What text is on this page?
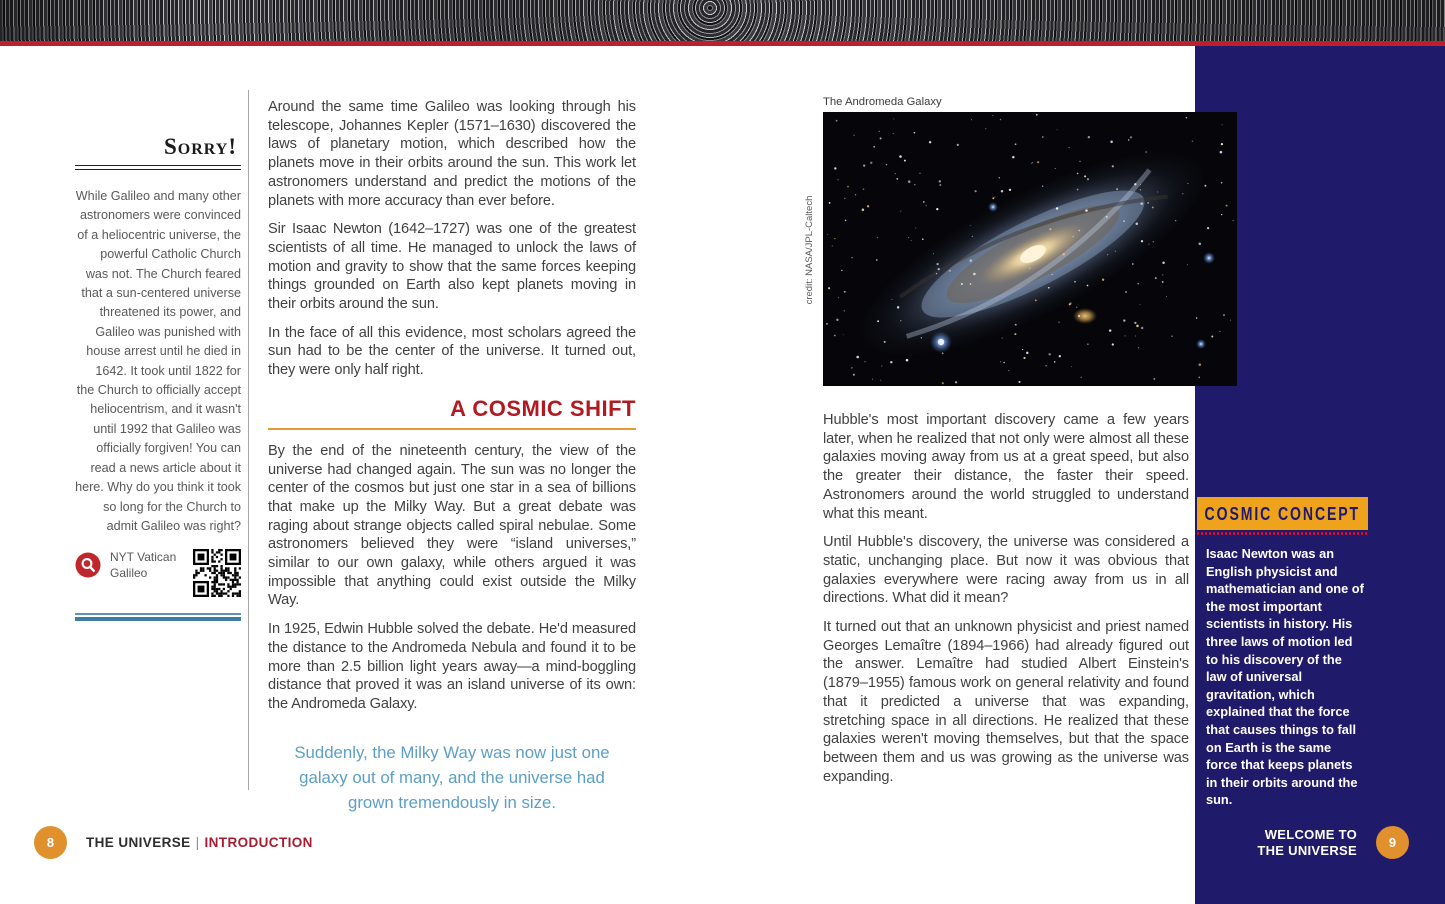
Sorry!
While Galileo and many other astronomers were convinced of a heliocentric universe, the powerful Catholic Church was not. The Church feared that a sun-centered universe threatened its power, and Galileo was punished with house arrest until he died in 1642. It took until 1822 for the Church to officially accept heliocentrism, and it wasn't until 1992 that Galileo was officially forgiven! You can read a news article about it here. Why do you think it took so long for the Church to admit Galileo was right?
NYT Vatican Galileo

Around the same time Galileo was looking through his telescope, Johannes Kepler (1571–1630) discovered the laws of planetary motion, which described how the planets move in their orbits around the sun. This work let astronomers understand and predict the motions of the planets with more accuracy than ever before.

Sir Isaac Newton (1642–1727) was one of the greatest scientists of all time. He managed to unlock the laws of motion and gravity to show that the same forces keeping things grounded on Earth also kept planets moving in their orbits around the sun.

In the face of all this evidence, most scholars agreed the sun had to be the center of the universe. It turned out, they were only half right.

A COSMIC SHIFT

By the end of the nineteenth century, the view of the universe had changed again. The sun was no longer the center of the cosmos but just one star in a sea of billions that make up the Milky Way. But a great debate was raging about strange objects called spiral nebulae. Some astronomers believed they were “island universes,” similar to our own galaxy, while others argued it was impossible that anything could exist outside the Milky Way.

In 1925, Edwin Hubble solved the debate. He'd measured the distance to the Andromeda Nebula and found it to be more than 2.5 billion light years away—a mind-boggling distance that proved it was an island universe of its own: the Andromeda Galaxy.

Suddenly, the Milky Way was now just one galaxy out of many, and the universe had grown tremendously in size.
The Andromeda Galaxy
credit: NASA/JPL-Caltech

Hubble's most important discovery came a few years later, when he realized that not only were almost all these galaxies moving away from us at a great speed, but also the greater their distance, the faster their speed. Astronomers around the world struggled to understand what this meant.

Until Hubble's discovery, the universe was considered a static, unchanging place. But now it was obvious that galaxies everywhere were racing away from us in all directions. What did it mean?

It turned out that an unknown physicist and priest named Georges Lemaître (1894–1966) had already figured out the answer. Lemaître had studied Albert Einstein's (1879–1955) famous work on general relativity and found that it predicted a universe that was expanding, stretching space in all directions. He realized that these galaxies weren't moving themselves, but that the space between them and us was growing as the universe was expanding.

COSMIC CONCEPT
Isaac Newton was an English physicist and mathematician and one of the most important scientists in history. His three laws of motion led to his discovery of the law of universal gravitation, which explained that the force that causes things to fall on Earth is the same force that keeps planets in their orbits around the sun.
8	THE UNIVERSE | INTRODUCTION
WELCOME TO
THE UNIVERSE
9
